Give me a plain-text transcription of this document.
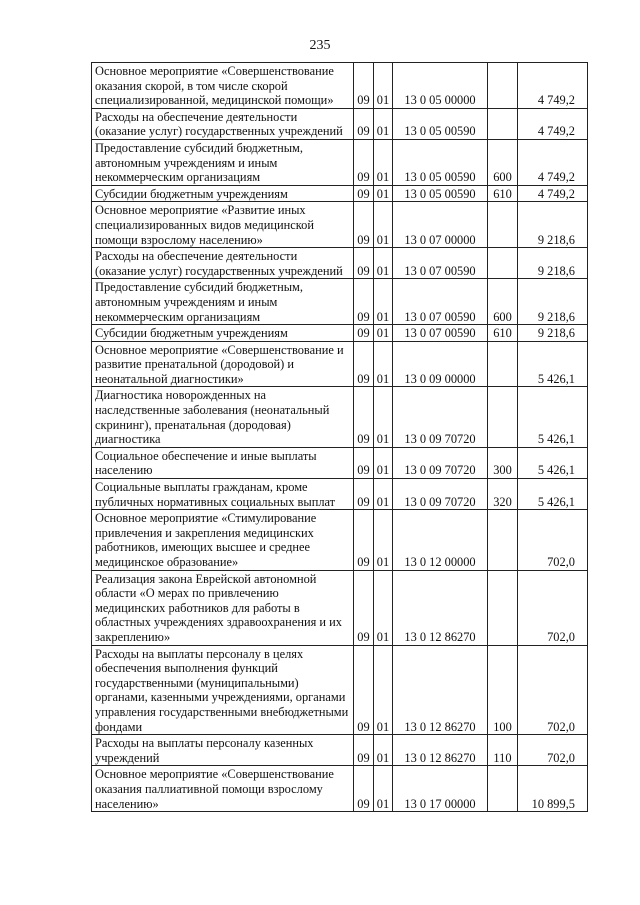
235
Основное мероприятие «Совершенствование оказания скорой, в том числе скорой специализированной, медицинской помощи»	09	01	13 0 05 00000		4 749,2
Расходы на обеспечение деятельности (оказание услуг) государственных учреждений	09	01	13 0 05 00590		4 749,2
Предоставление субсидий бюджетным, автономным учреждениям и иным некоммерческим организациям	09	01	13 0 05 00590	600	4 749,2
Субсидии бюджетным учреждениям	09	01	13 0 05 00590	610	4 749,2
Основное мероприятие «Развитие иных специализированных видов медицинской помощи взрослому населению»	09	01	13 0 07 00000		9 218,6
Расходы на обеспечение деятельности (оказание услуг) государственных учреждений	09	01	13 0 07 00590		9 218,6
Предоставление субсидий бюджетным, автономным учреждениям и иным некоммерческим организациям	09	01	13 0 07 00590	600	9 218,6
Субсидии бюджетным учреждениям	09	01	13 0 07 00590	610	9 218,6
Основное мероприятие «Совершенствование и развитие пренатальной (дородовой) и неонатальной диагностики»	09	01	13 0 09 00000		5 426,1
Диагностика новорожденных на наследственные заболевания (неонатальный скрининг), пренатальная (дородовая) диагностика	09	01	13 0 09 70720		5 426,1
Социальное обеспечение и иные выплаты населению	09	01	13 0 09 70720	300	5 426,1
Социальные выплаты гражданам, кроме публичных нормативных социальных выплат	09	01	13 0 09 70720	320	5 426,1
Основное мероприятие «Стимулирование привлечения и закрепления медицинских работников, имеющих высшее и среднее медицинское образование»	09	01	13 0 12 00000		702,0
Реализация закона Еврейской автономной области «О мерах по привлечению медицинских работников для работы в областных учреждениях здравоохранения и их закреплению»	09	01	13 0 12 86270		702,0
Расходы на выплаты персоналу в целях обеспечения выполнения функций государственными (муниципальными) органами, казенными учреждениями, органами управления государственными внебюджетными фондами	09	01	13 0 12 86270	100	702,0
Расходы на выплаты персоналу казенных учреждений	09	01	13 0 12 86270	110	702,0
Основное мероприятие «Совершенствование оказания паллиативной помощи взрослому населению»	09	01	13 0 17 00000		10 899,5
